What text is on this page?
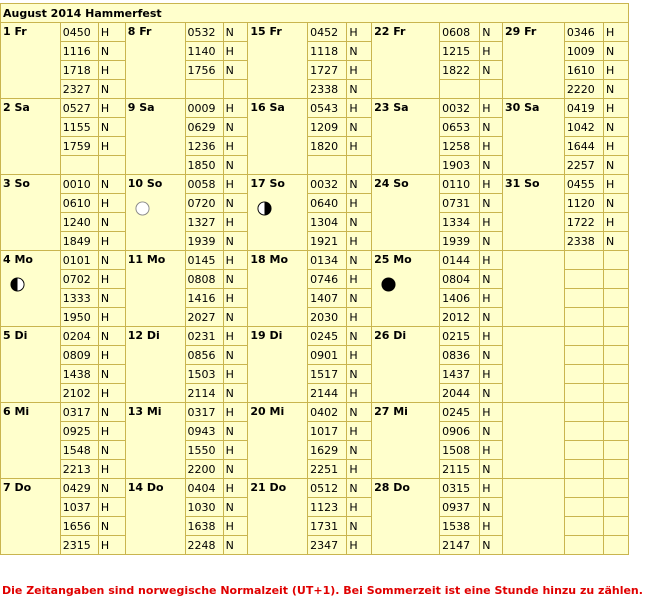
August 2014 Hammerfest														
1 Fr	0450	H	8 Fr	0532	N	15 Fr	0452	H	22 Fr	0608	N	29 Fr	0346	H
	1116	N		1140	H		1118	N		1215	H		1009	N
	1718	H		1756	N		1727	H		1822	N		1610	H
	2327	N					2338	N					2220	N
2 Sa	0527	H	9 Sa	0009	H	16 Sa	0543	H	23 Sa	0032	H	30 Sa	0419	H
	1155	N		0629	N		1209	N		0653	N		1042	N
	1759	H		1236	H		1820	H		1258	H		1644	H
				1850	N					1903	N		2257	N
3 So	0010	N	10 So	0058	H	17 So	0032	N	24 So	0110	H	31 So	0455	H
	0610	H		0720	N		0640	H		0731	N		1120	N
	1240	N		1327	H		1304	N		1334	H		1722	H
	1849	H		1939	N		1921	H		1939	N		2338	N
4 Mo	0101	N	11 Mo	0145	H	18 Mo	0134	N	25 Mo	0144	H			
	0702	H		0808	N		0746	H		0804	N			
	1333	N		1416	H		1407	N		1406	H			
	1950	H		2027	N		2030	H		2012	N			
5 Di	0204	N	12 Di	0231	H	19 Di	0245	N	26 Di	0215	H			
	0809	H		0856	N		0901	H		0836	N			
	1438	N		1503	H		1517	N		1437	H			
	2102	H		2114	N		2144	H		2044	N			
6 Mi	0317	N	13 Mi	0317	H	20 Mi	0402	N	27 Mi	0245	H			
	0925	H		0943	N		1017	H		0906	N			
	1548	N		1550	H		1629	N		1508	H			
	2213	H		2200	N		2251	H		2115	N			
7 Do	0429	N	14 Do	0404	H	21 Do	0512	N	28 Do	0315	H			
	1037	H		1030	N		1123	H		0937	N			
	1656	N		1638	H		1731	N		1538	H			
	2315	H		2248	N		2347	H		2147	N			
Die Zeitangaben sind norwegische Normalzeit (UT+1). Bei Sommerzeit ist eine Stunde hinzu zu zählen.
